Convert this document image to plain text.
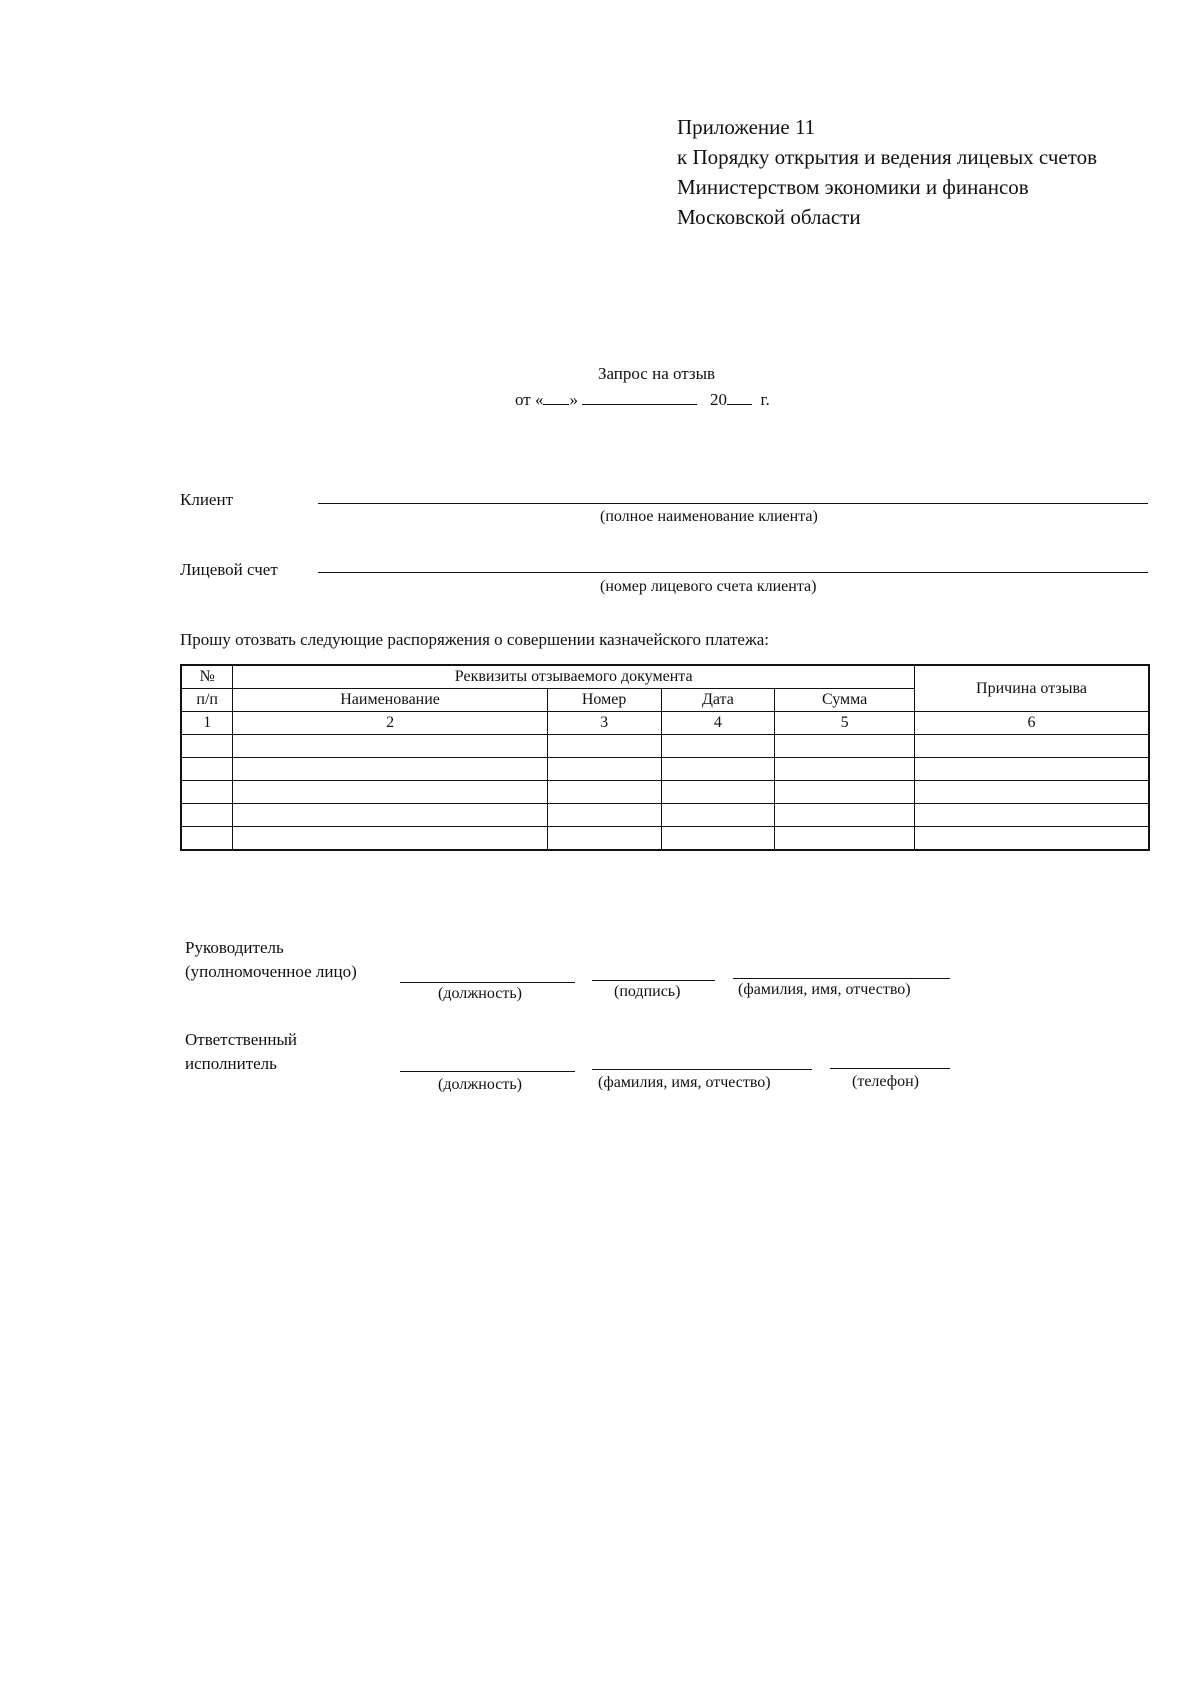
Приложение 11
к Порядку открытия и ведения лицевых счетов
Министерством экономики и финансов
Московской области
Запрос на отзыв
от « »	20 г.
Клиент
(полное наименование клиента)
Лицевой счет
(номер лицевого счета клиента)
Прошу отозвать следующие распоряжения о совершении казначейского платежа:
№	Реквизиты отзываемого документа				Причина отзыва
п/п	Наименование	Номер	Дата	Сумма	
1	2	3	4	5	6

Руководитель
(уполномоченное лицо)
(должность)	(подпись)	(фамилия, имя, отчество)
Ответственный
исполнитель
(должность)	(фамилия, имя, отчество)	(телефон)
